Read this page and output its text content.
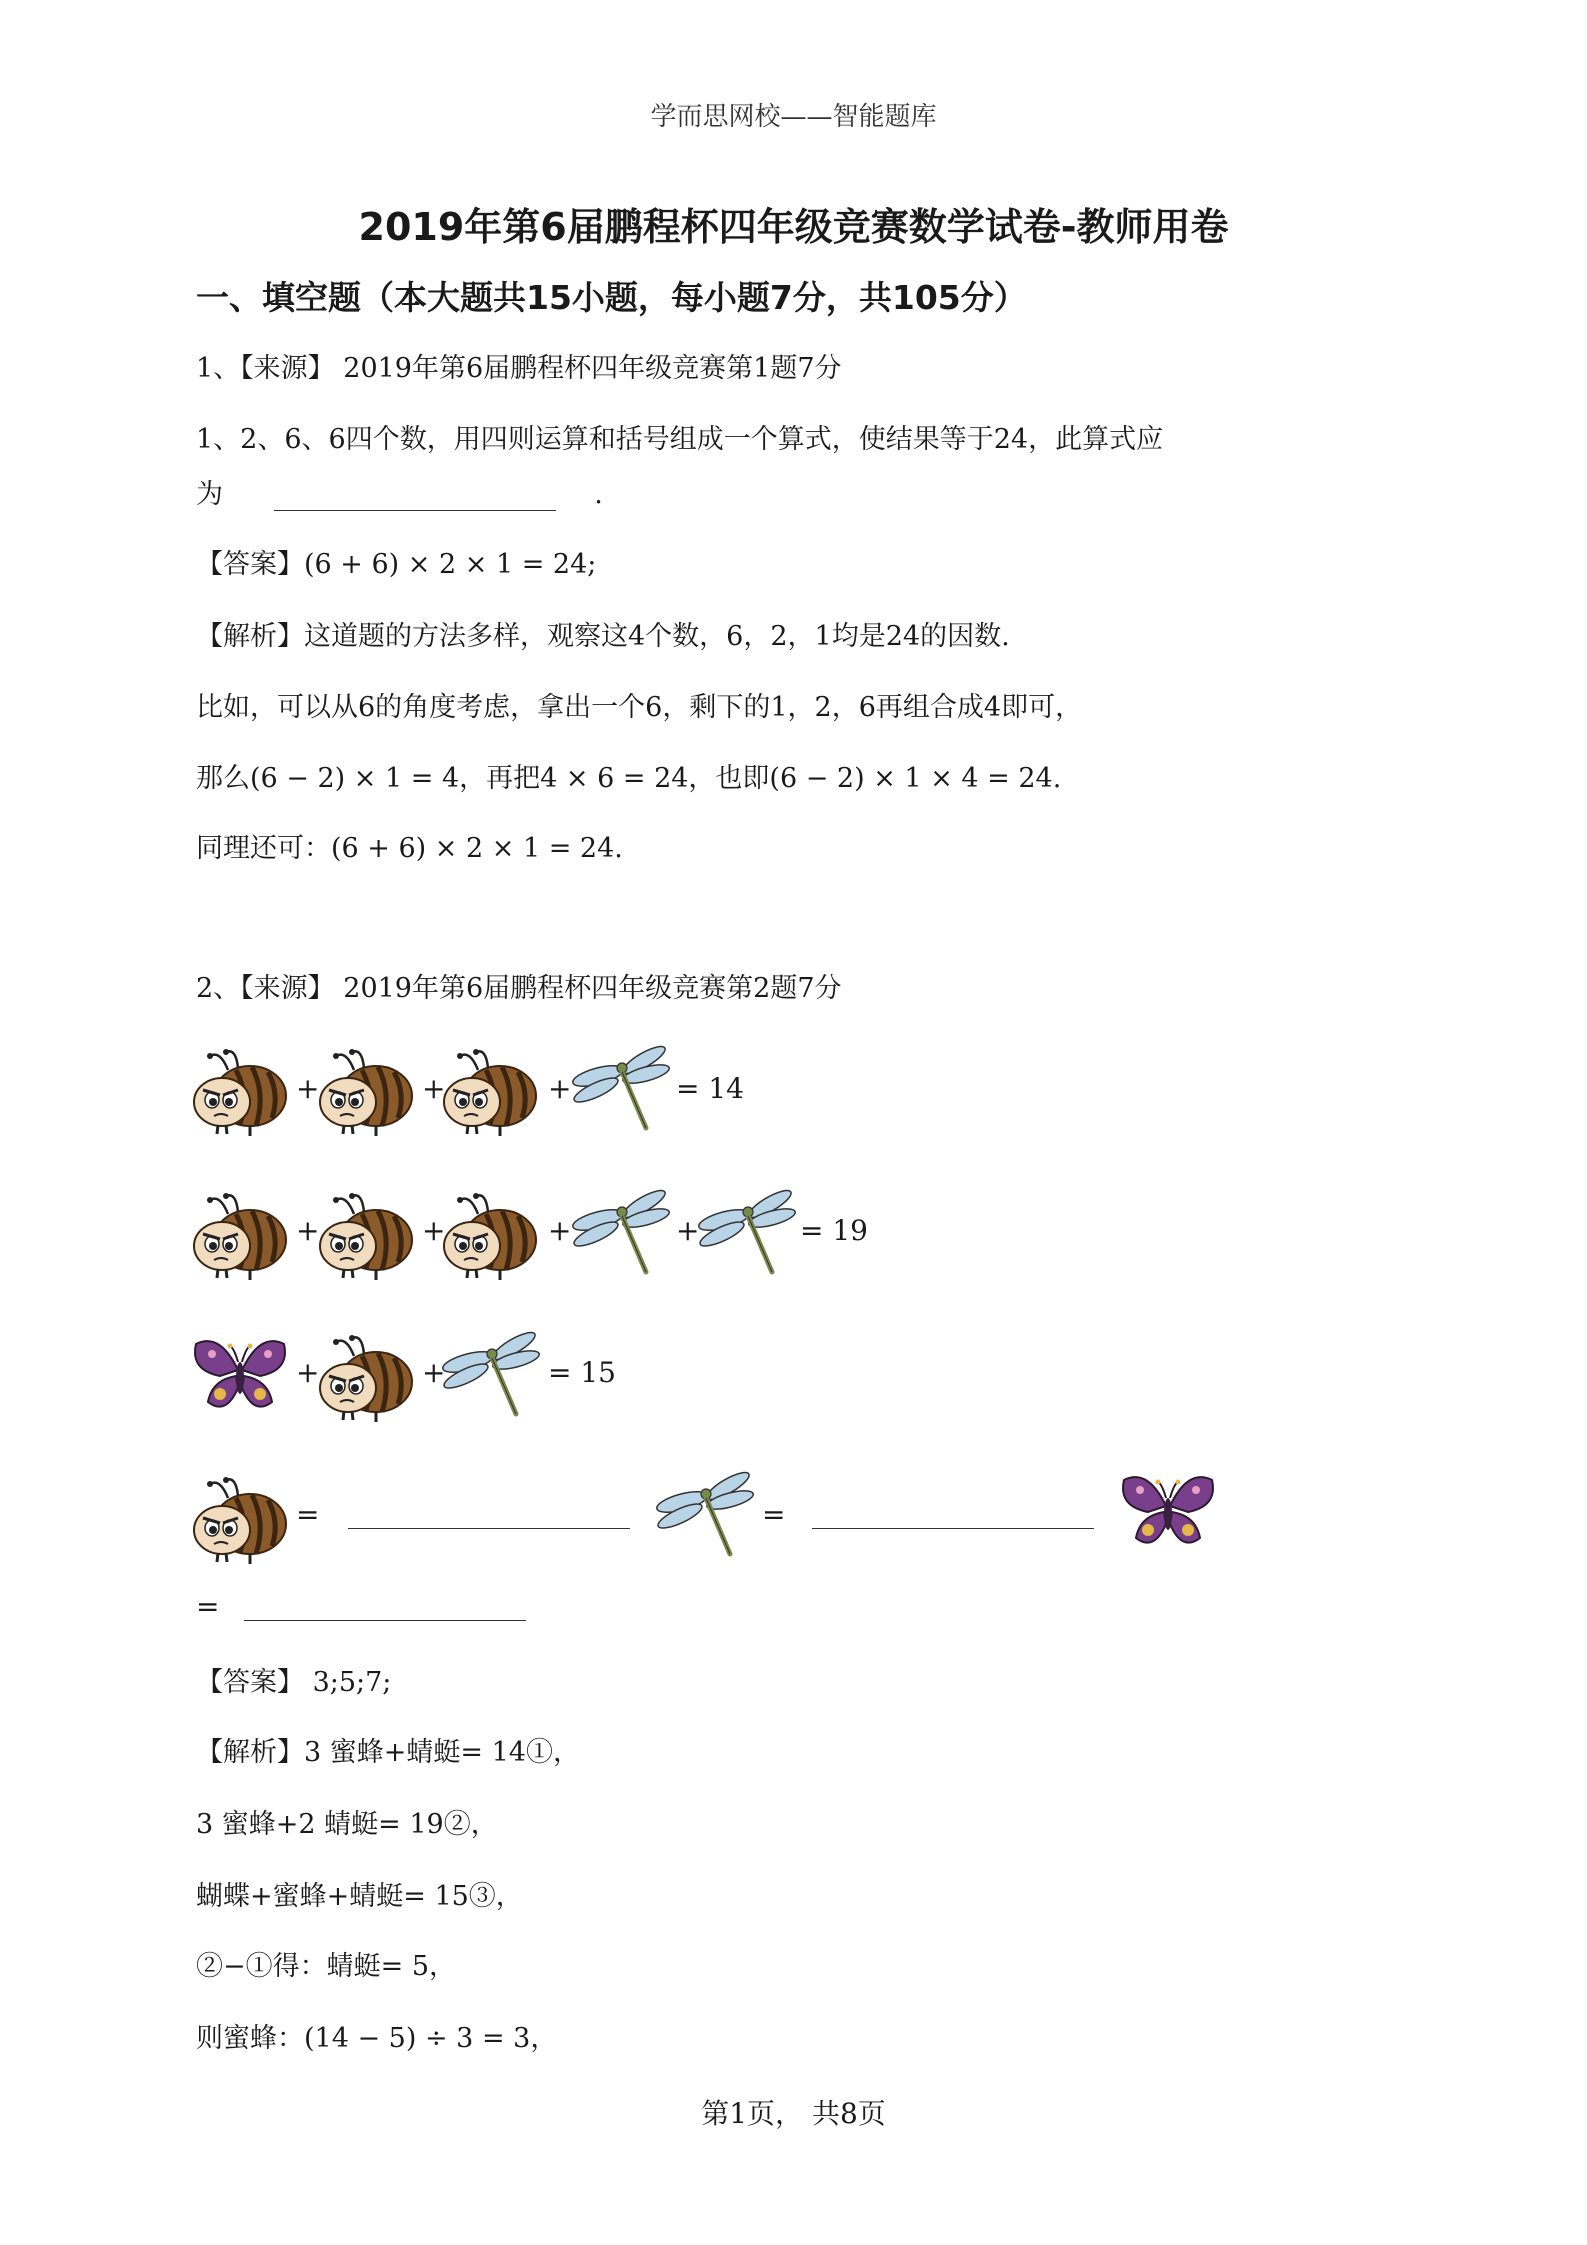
学而思网校——智能题库
2019年第6届鹏程杯四年级竞赛数学试卷-教师用卷
一、填空题（本大题共15小题，每小题7分，共105分）
1、【来源】 2019年第6届鹏程杯四年级竞赛第1题7分
1、2、6、6四个数，用四则运算和括号组成一个算式，使结果等于24，此算式应
为	.
【答案】(6 + 6) × 2 × 1 = 24;
【解析】这道题的方法多样，观察这4个数，6，2，1均是24的因数.
比如，可以从6的角度考虑，拿出一个6，剩下的1，2，6再组合成4即可，
那么(6 − 2) × 1 = 4，再把4 × 6 = 24，也即(6 − 2) × 1 × 4 = 24.
同理还可：(6 + 6) × 2 × 1 = 24.
2、【来源】 2019年第6届鹏程杯四年级竞赛第2题7分
+	+	+	= 14
+	+	+	+	= 19
+	+	= 15
=	=
=
【答案】 3;5;7;
【解析】3 蜜蜂+蜻蜓= 14①，
3 蜜蜂+2 蜻蜓= 19②，
蝴蝶+蜜蜂+蜻蜓= 15③，
②−①得：蜻蜓= 5，
则蜜蜂：(14 − 5) ÷ 3 = 3，
第1页， 共8页
